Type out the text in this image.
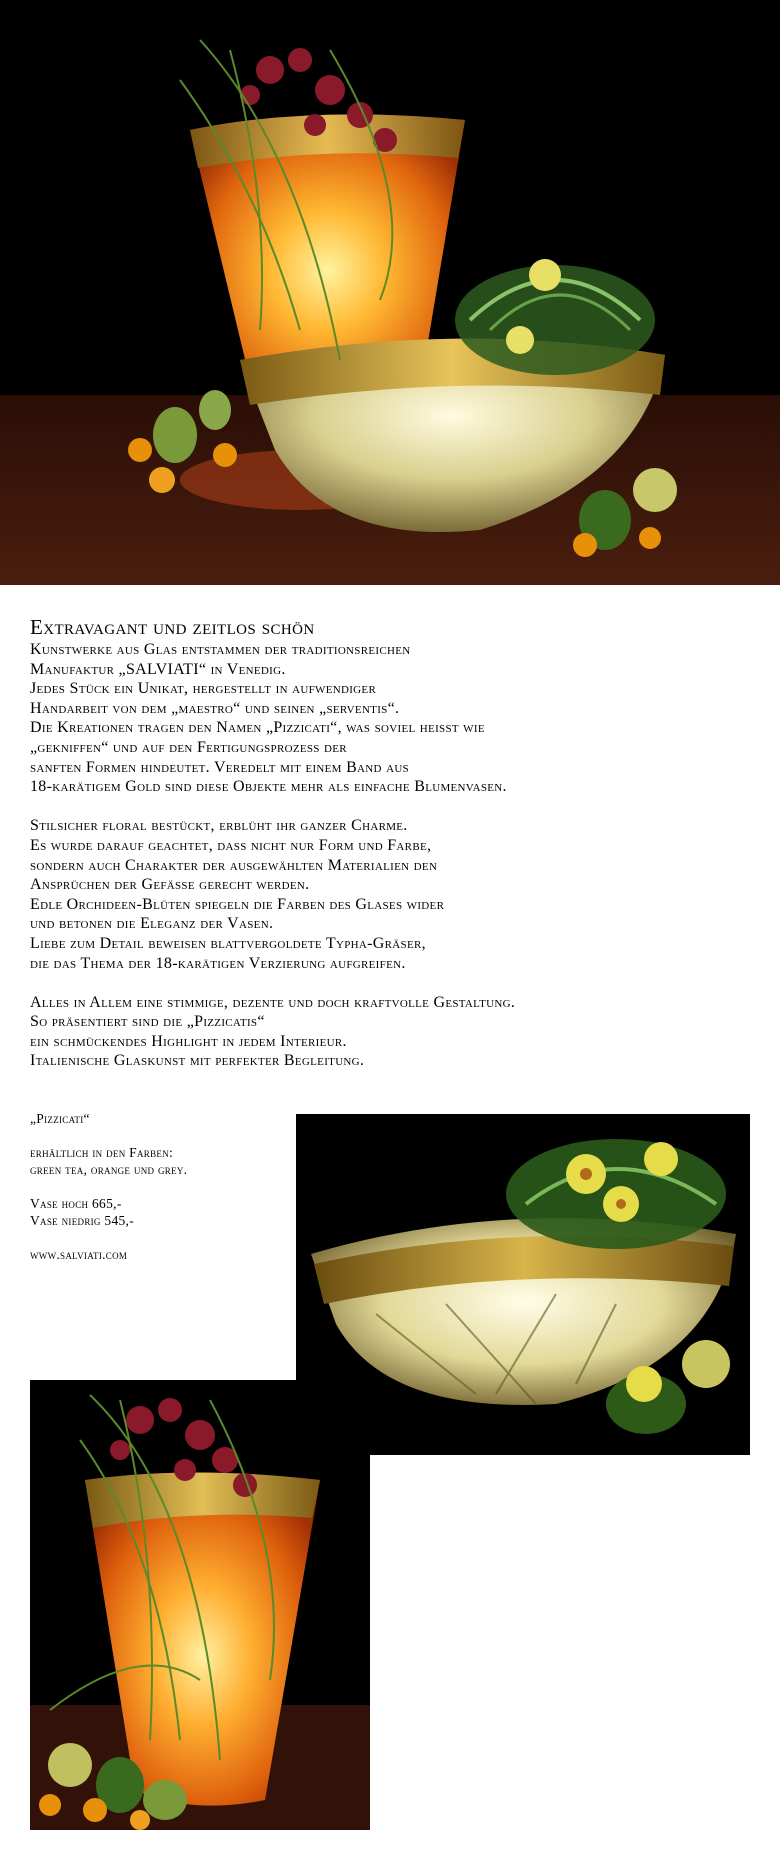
Extravagant und zeitlos schön

Kunstwerke aus Glas entstammen der traditionsreichen

Manufaktur „SALVIATI“ in Venedig.

Jedes Stück ein Unikat, hergestellt in aufwendiger

Handarbeit von dem „maestro“ und seinen „serventis“.

Die Kreationen tragen den Namen „Pizzicati“, was soviel heisst wie

„gekniffen“ und auf den Fertigungsprozess der

sanften Formen hindeutet. Veredelt mit einem Band aus

18-karätigem Gold sind diese Objekte mehr als einfache Blumenvasen.

Stilsicher floral bestückt, erblüht ihr ganzer Charme.

Es wurde darauf geachtet, dass nicht nur Form und Farbe,

sondern auch Charakter der ausgewählten Materialien den

Ansprüchen der Gefässe gerecht werden.

Edle Orchideen-Blüten spiegeln die Farben des Glases wider

und betonen die Eleganz der Vasen.

Liebe zum Detail beweisen blattvergoldete Typha-Gräser,

die das Thema der 18-karätigen Verzierung aufgreifen.

Alles in Allem eine stimmige, dezente und doch kraftvolle Gestaltung.

So präsentiert sind die „Pizzicatis“

ein schmückendes Highlight in jedem Interieur.

Italienische Glaskunst mit perfekter Begleitung.

„Pizzicati“

erhältlich in den Farben:

green tea, orange und grey.

Vase hoch 665,-

Vase niedrig 545,-

www.salviati.com
